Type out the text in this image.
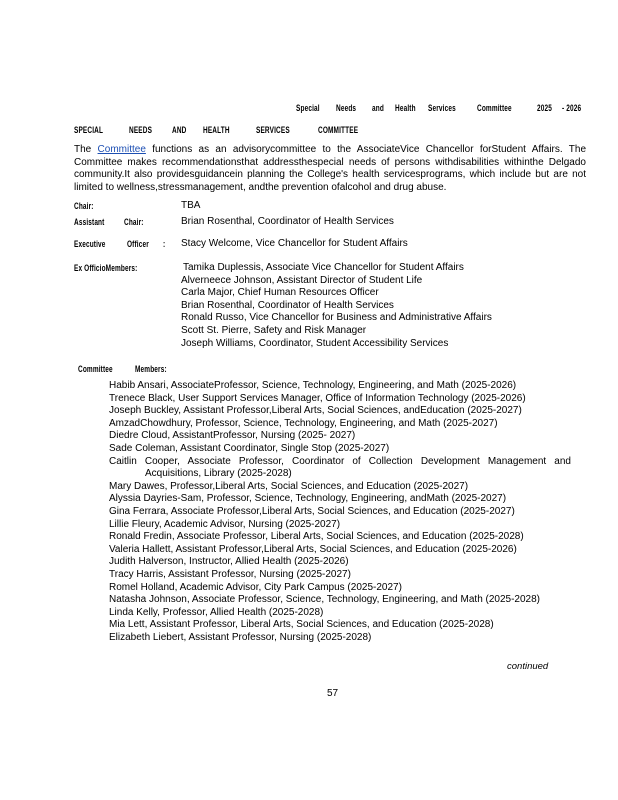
Special Needs and Health Services Committee	2025 - 2026
SPECIAL	NEEDS AND HEALTH	SERVICES	COMMITTEE
The Committee functions as an advisorycommittee to the AssociateVice Chancellor forStudent Affairs. The Committee makes recommendationsthat addressthespecial needs of persons withdisabilities withinthe Delgado community.It also providesguidancein planning the College's health servicesprograms, which include but are not limited to wellness,stressmanagement, andthe prevention ofalcohol and drug abuse.
Chair:	TBA
Assistant Chair:	Brian Rosenthal, Coordinator of Health Services
Executive Officer : Stacy Welcome, Vice Chancellor for Student Affairs
Ex OfficioMembers:	Tamika Duplessis, Associate Vice Chancellor for Student Affairs
Alverneece Johnson, Assistant Director of Student Life
Carla Major, Chief Human Resources Officer
Brian Rosenthal, Coordinator of Health Services
Ronald Russo, Vice Chancellor for Business and Administrative Affairs
Scott St. Pierre, Safety and Risk Manager
Joseph Williams, Coordinator, Student Accessibility Services
Committee Members:
Habib Ansari, AssociateProfessor, Science, Technology, Engineering, and Math (2025-2026)
Trenece Black, User Support Services Manager, Office of Information Technology (2025-2026)
Joseph Buckley, Assistant Professor,Liberal Arts, Social Sciences, andEducation (2025-2027)
AmzadChowdhury, Professor, Science, Technology, Engineering, and Math (2025-2027)
Diedre Cloud, AssistantProfessor, Nursing (2025- 2027)
Sade Coleman, Assistant Coordinator, Single Stop (2025-2027)
Caitlin Cooper, Associate Professor, Coordinator of Collection Development Management and Acquisitions, Library (2025-2028)
Mary Dawes, Professor,Liberal Arts, Social Sciences, and Education (2025-2027)
Alyssia Dayries-Sam, Professor, Science, Technology, Engineering, andMath (2025-2027)
Gina Ferrara, Associate Professor,Liberal Arts, Social Sciences, and Education (2025-2027)
Lillie Fleury, Academic Advisor, Nursing (2025-2027)
Ronald Fredin, Associate Professor, Liberal Arts, Social Sciences, and Education (2025-2028)
Valeria Hallett, Assistant Professor,Liberal Arts, Social Sciences, and Education (2025-2026)
Judith Halverson, Instructor, Allied Health (2025-2026)
Tracy Harris, Assistant Professor, Nursing (2025-2027)
Romel Holland, Academic Advisor, City Park Campus (2025-2027)
Natasha Johnson, Associate Professor, Science, Technology, Engineering, and Math (2025-2028)
Linda Kelly, Professor, Allied Health (2025-2028)
Mia Lett, Assistant Professor, Liberal Arts, Social Sciences, and Education (2025-2028)
Elizabeth Liebert, Assistant Professor, Nursing (2025-2028)
continued
57
